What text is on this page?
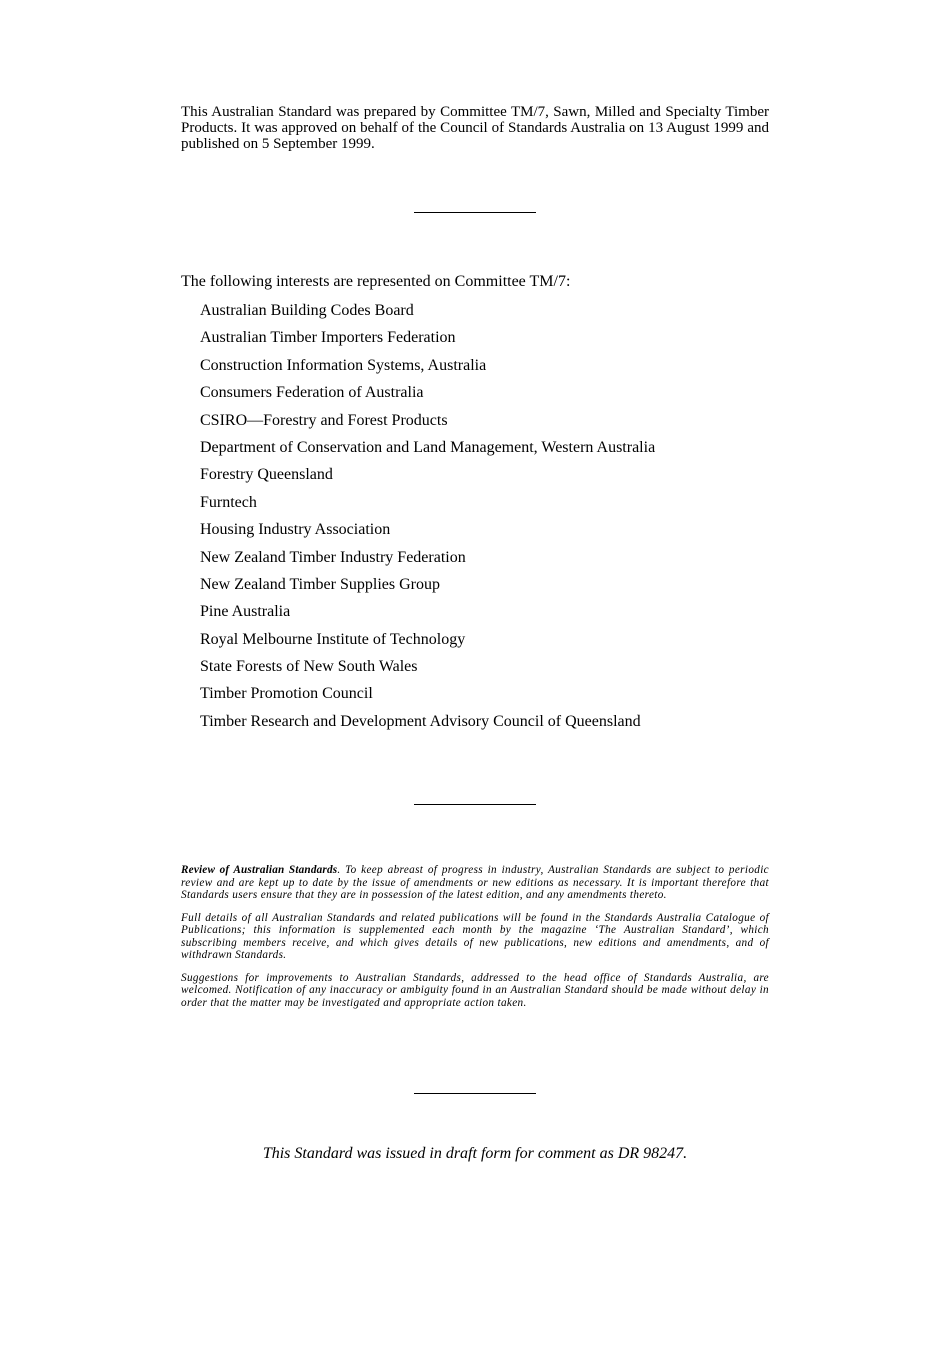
This Australian Standard was prepared by Committee TM/7, Sawn, Milled and Specialty Timber Products. It was approved on behalf of the Council of Standards Australia on 13 August 1999 and published on 5 September 1999.

The following interests are represented on Committee TM/7:

Australian Building Codes Board
Australian Timber Importers Federation
Construction Information Systems, Australia
Consumers Federation of Australia
CSIRO—Forestry and Forest Products
Department of Conservation and Land Management, Western Australia
Forestry Queensland
Furntech
Housing Industry Association
New Zealand Timber Industry Federation
New Zealand Timber Supplies Group
Pine Australia
Royal Melbourne Institute of Technology
State Forests of New South Wales
Timber Promotion Council
Timber Research and Development Advisory Council of Queensland

Review of Australian Standards. To keep abreast of progress in industry, Australian Standards are subject to periodic review and are kept up to date by the issue of amendments or new editions as necessary. It is important therefore that Standards users ensure that they are in possession of the latest edition, and any amendments thereto.

Full details of all Australian Standards and related publications will be found in the Standards Australia Catalogue of Publications; this information is supplemented each month by the magazine ‘The Australian Standard’, which subscribing members receive, and which gives details of new publications, new editions and amendments, and of withdrawn Standards.

Suggestions for improvements to Australian Standards, addressed to the head office of Standards Australia, are welcomed. Notification of any inaccuracy or ambiguity found in an Australian Standard should be made without delay in order that the matter may be investigated and appropriate action taken.

This Standard was issued in draft form for comment as DR 98247.
